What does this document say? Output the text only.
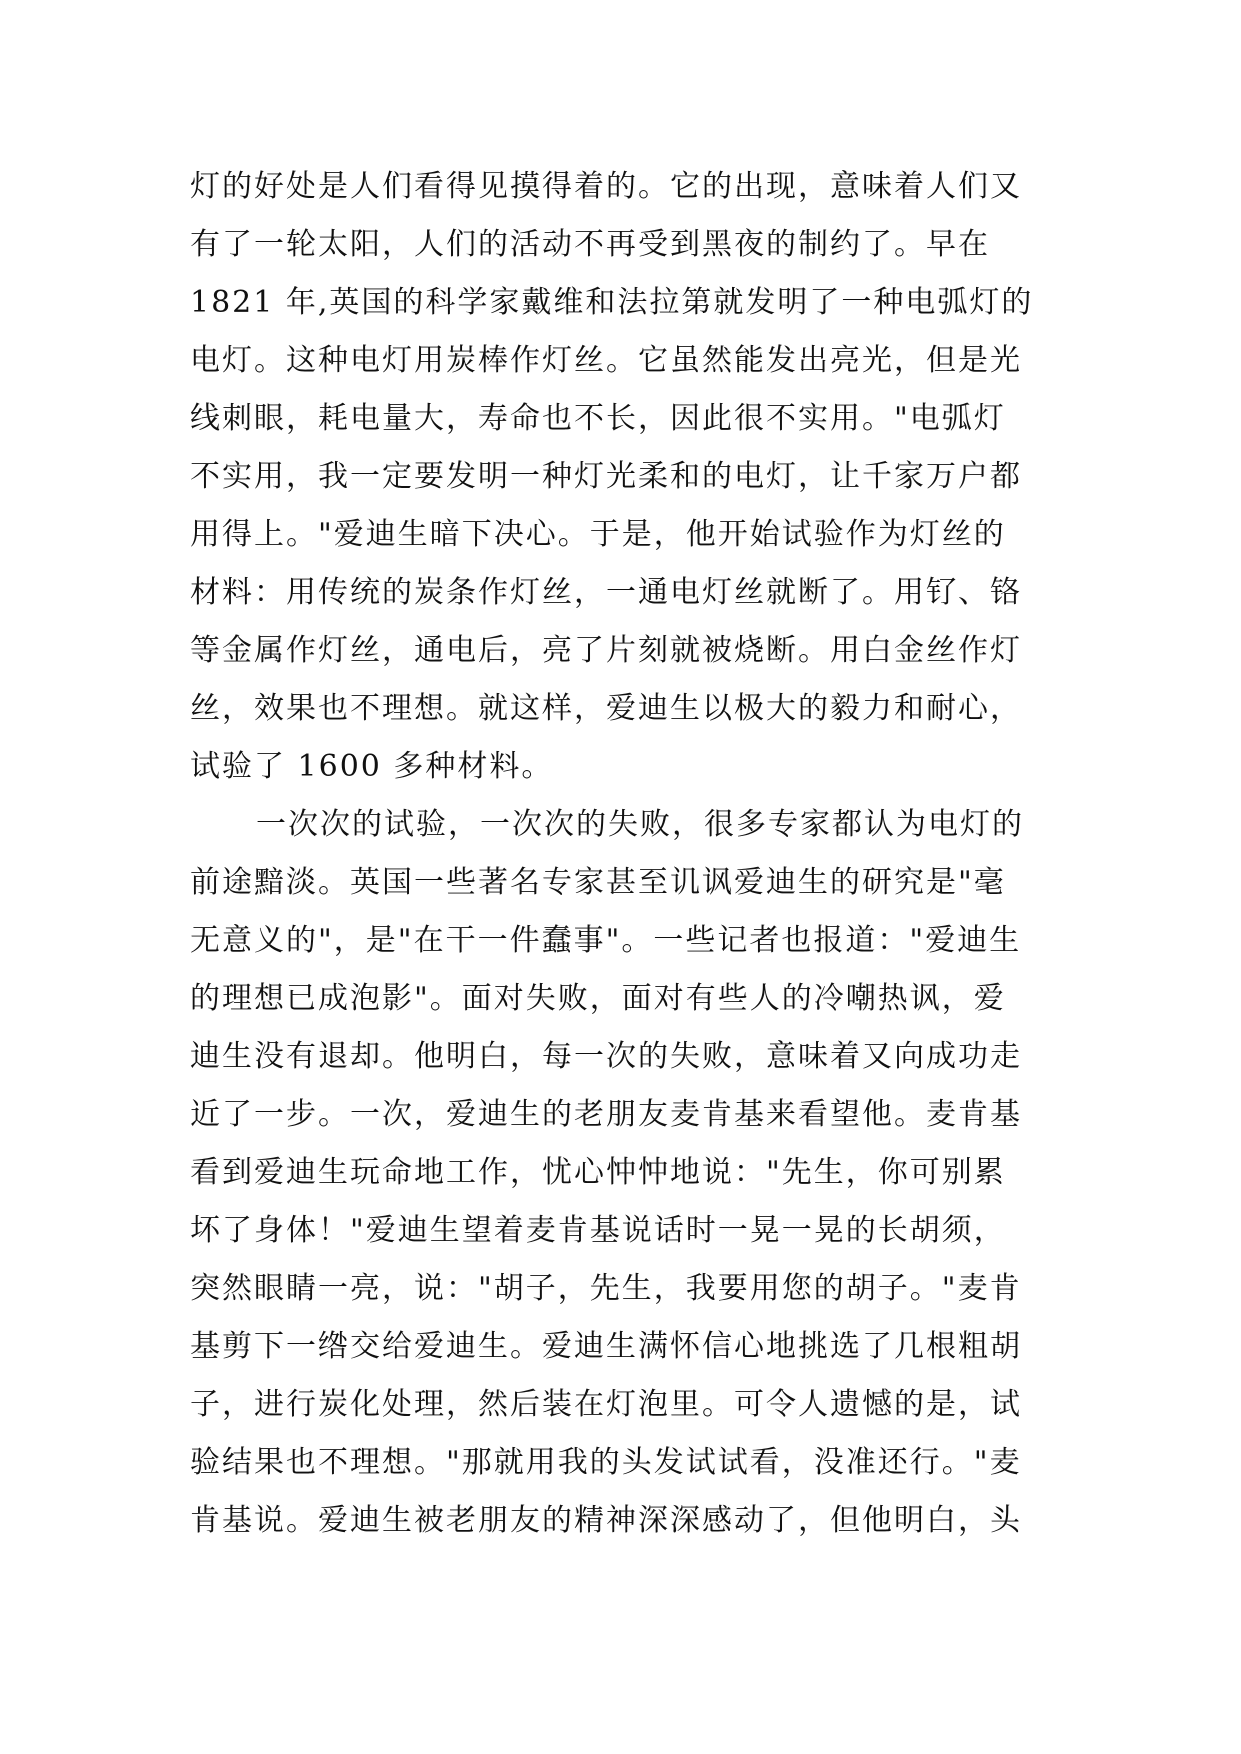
灯的好处是人们看得见摸得着的。它的出现，意味着人们又
有了一轮太阳，人们的活动不再受到黑夜的制约了。早在
1821 年,英国的科学家戴维和法拉第就发明了一种电弧灯的
电灯。这种电灯用炭棒作灯丝。它虽然能发出亮光，但是光
线刺眼，耗电量大，寿命也不长，因此很不实用。"电弧灯
不实用，我一定要发明一种灯光柔和的电灯，让千家万户都
用得上。"爱迪生暗下决心。于是，他开始试验作为灯丝的
材料：用传统的炭条作灯丝，一通电灯丝就断了。用钌、铬
等金属作灯丝，通电后，亮了片刻就被烧断。用白金丝作灯
丝，效果也不理想。就这样，爱迪生以极大的毅力和耐心，
试验了 1600 多种材料。
一次次的试验，一次次的失败，很多专家都认为电灯的
前途黯淡。英国一些著名专家甚至讥讽爱迪生的研究是"毫
无意义的"，是"在干一件蠢事"。一些记者也报道："爱迪生
的理想已成泡影"。面对失败，面对有些人的冷嘲热讽，爱
迪生没有退却。他明白，每一次的失败，意味着又向成功走
近了一步。一次，爱迪生的老朋友麦肯基来看望他。麦肯基
看到爱迪生玩命地工作，忧心忡忡地说："先生，你可别累
坏了身体！"爱迪生望着麦肯基说话时一晃一晃的长胡须，
突然眼睛一亮，说："胡子，先生，我要用您的胡子。"麦肯
基剪下一绺交给爱迪生。爱迪生满怀信心地挑选了几根粗胡
子，进行炭化处理，然后装在灯泡里。可令人遗憾的是，试
验结果也不理想。"那就用我的头发试试看，没准还行。"麦
肯基说。爱迪生被老朋友的精神深深感动了，但他明白，头
